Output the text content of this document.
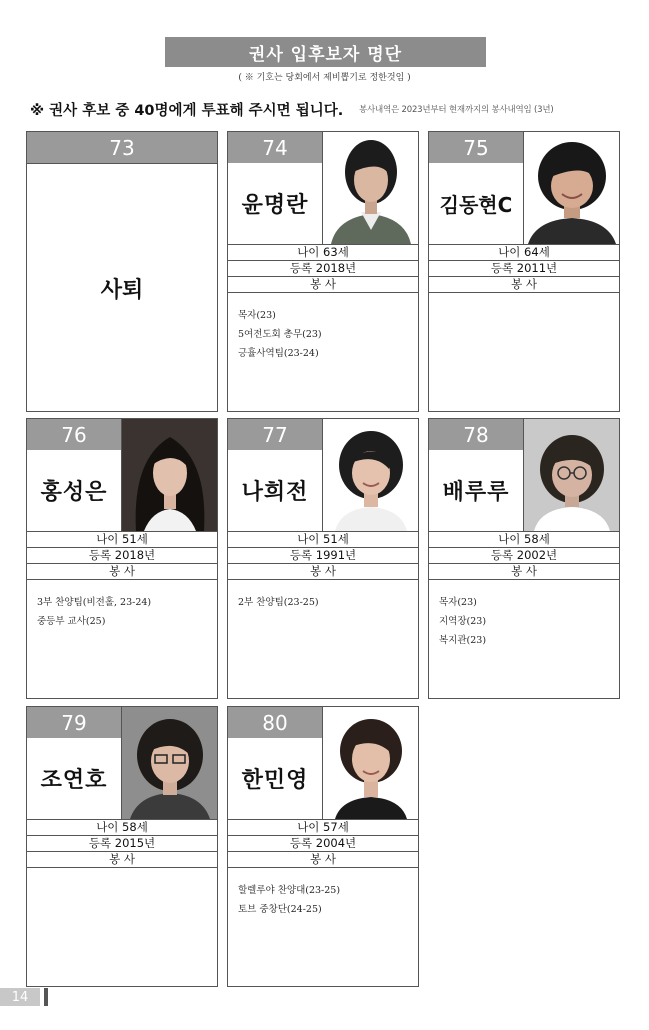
권사 입후보자 명단
( ※ 기호는 당회에서 제비뽑기로 정한것임 )
※ 권사 후보 중 40명에게 투표해 주시면 됩니다. 봉사내역은 2023년부터 현재까지의 봉사내역임 (3년)
73
사퇴
74
윤명란
나이 63세
등록 2018년
봉 사
목자(23)
5여전도회 총무(23)
긍휼사역팀(23-24)
75
김동현C
나이 64세
등록 2011년
봉 사
76
홍성은
나이 51세
등록 2018년
봉 사
3부 찬양팀(비전홀, 23-24)
중등부 교사(25)
77
나희전
나이 51세
등록 1991년
봉 사
2부 찬양팀(23-25)
78
배루루
나이 58세
등록 2002년
봉 사
목자(23)
지역장(23)
복지관(23)
79
조연호
나이 58세
등록 2015년
봉 사
80
한민영
나이 57세
등록 2004년
봉 사
할렐루야 찬양대(23-25)
토브 중창단(24-25)
14
